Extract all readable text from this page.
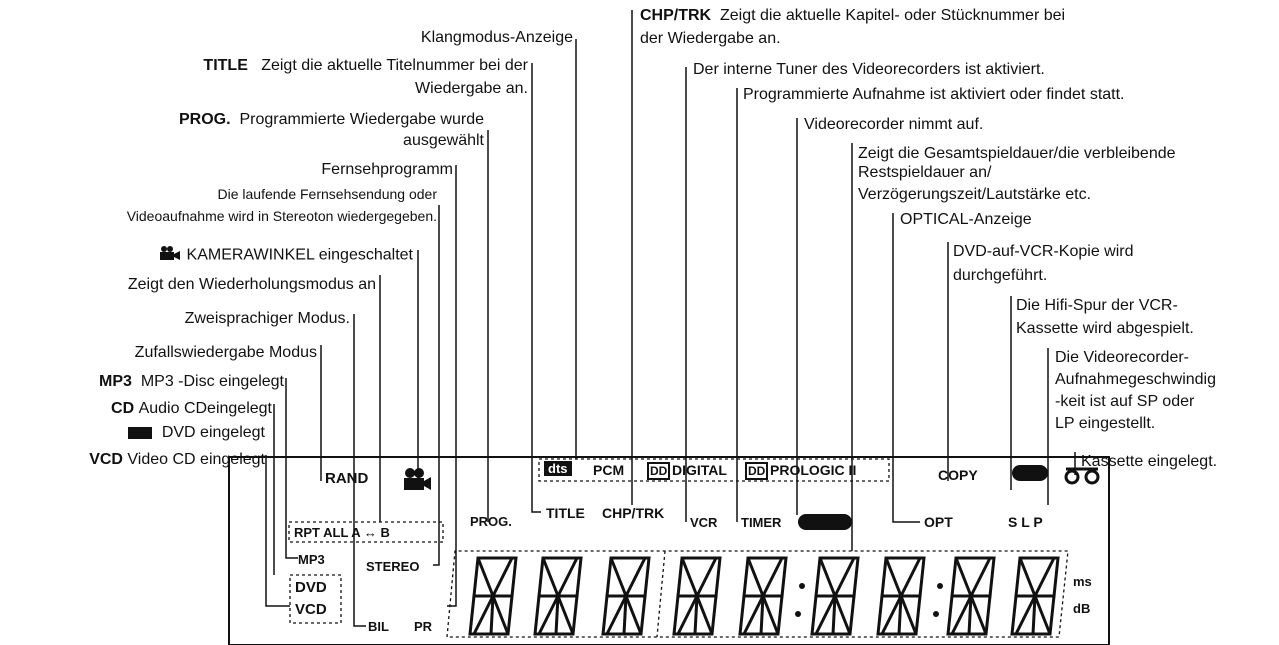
Klangmodus-Anzeige
CHP/TRK Zeigt die aktuelle Kapitel- oder Stücknummer bei
der Wiedergabe an.
TITLE Zeigt die aktuelle Titelnummer bei der
Wiedergabe an.
Der interne Tuner des Videorecorders ist aktiviert.
Programmierte Aufnahme ist aktiviert oder findet statt.
PROG. Programmierte Wiedergabe wurde
ausgewählt
Videorecorder nimmt auf.
Fernsehprogramm
Zeigt die Gesamtspieldauer/die verbleibende
Restspieldauer an/
Verzögerungszeit/Lautstärke etc.
Die laufende Fernsehsendung oder
Videoaufnahme wird in Stereoton wiedergegeben.	OPTICAL-Anzeige
KAMERAWINKEL eingeschaltet	DVD-auf-VCR-Kopie wird
durchgeführt.
Zeigt den Wiederholungsmodus an
Die Hifi-Spur der VCR-
Kassette wird abgespielt.
Zweisprachiger Modus.
Zufallswiedergabe Modus	Die Videorecorder-
Aufnahmegeschwindig
-keit ist auf SP oder
LP eingestellt.
MP3 MP3 -Disc eingelegt
CD Audio CDeingelegt
DVD eingelegt
VCD Video CD eingelegt	Kassette eingelegt.
RAND
RPT ALL A ↔ B
MP3	STEREO
DVD
VCD
BIL PR
PROG.
TITLE CHP/TRK
VCR TIMER
dts PCM DD DIGITAL DD PROLOGIC II	COPY
OPT	S L P
ms
dB
